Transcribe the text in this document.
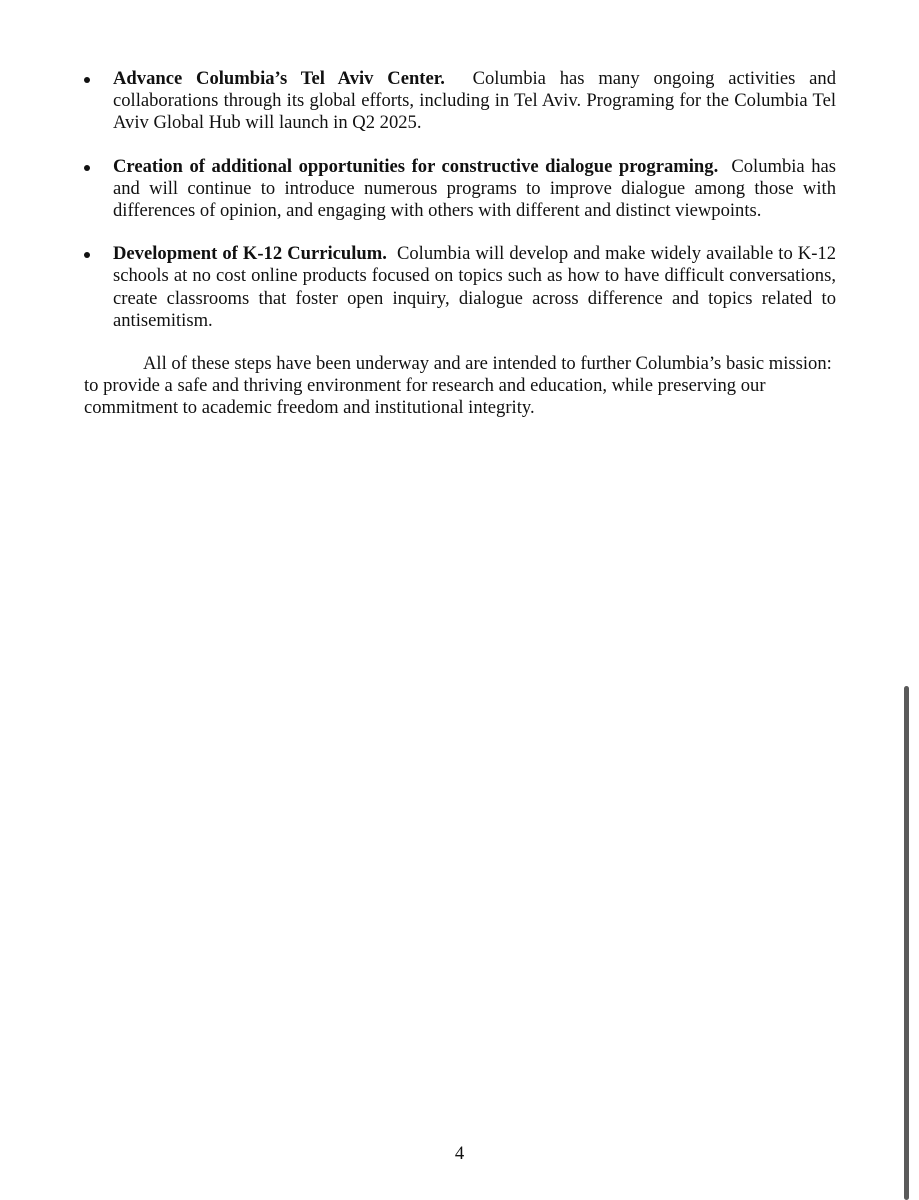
Advance Columbia’s Tel Aviv Center. Columbia has many ongoing activities and collaborations through its global efforts, including in Tel Aviv. Programing for the Columbia Tel Aviv Global Hub will launch in Q2 2025.
Creation of additional opportunities for constructive dialogue programing. Columbia has and will continue to introduce numerous programs to improve dialogue among those with differences of opinion, and engaging with others with different and distinct viewpoints.
Development of K-12 Curriculum. Columbia will develop and make widely available to K-12 schools at no cost online products focused on topics such as how to have difficult conversations, create classrooms that foster open inquiry, dialogue across difference and topics related to antisemitism.

All of these steps have been underway and are intended to further Columbia’s basic mission: to provide a safe and thriving environment for research and education, while preserving our commitment to academic freedom and institutional integrity.

4
